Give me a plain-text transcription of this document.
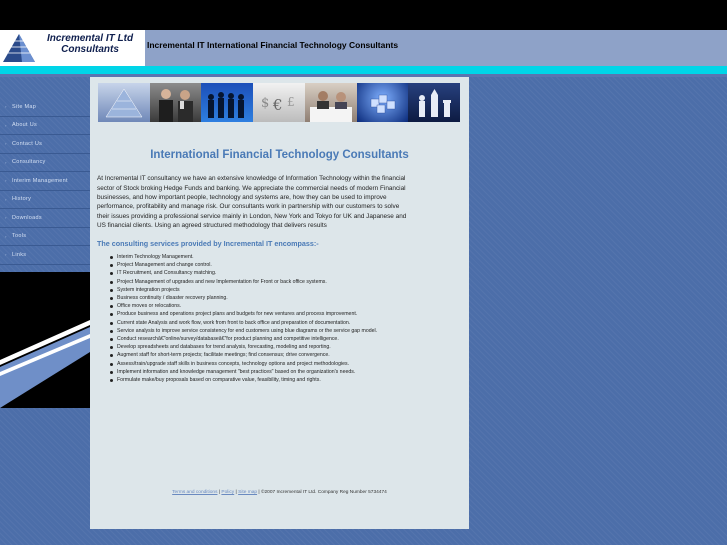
Incremental IT Ltd
Consultants	Incremental IT International Financial Technology Consultants
› Site Map
› About Us
› Contact Us
› Consultancy
› Interim Management
› History
› Downloads
› Tools
› Links
$ € £
International Financial Technology Consultants

At Incremental IT consultancy we have an extensive knowledge of Information Technology within the financial sector of Stock broking Hedge Funds and banking. We appreciate the commercial needs of modern Financial businesses, and how important people, technology and systems are, how they can be used to improve performance, profitability and manage risk. Our consultants work in partnership with our customers to solve their issues providing a professional service mainly in London, New York and Tokyo for UK and Japanese and US financial clients. Using an agreed structured methodology that delivers results

The consulting services provided by Incremental IT encompass:-
Interim Technology Management.
Project Management and change control.
IT Recruitment, and Consultancy matching.
Project Management of upgrades and new Implementation for Front or back office systems.
System integration projects
Business continuity / disaster recovery planning.
Office moves or relocations.
Produce business and operations project plans and budgets for new ventures and process improvement.
Current state Analysis and work flow, work from front to back office and preparation of documentation.
Service analysis to improve service consistency for end customers using blue diagrams or the service gap model.
Conduct researchâ€”online/survey/databaseâ€”for product planning and competitive intelligence.
Develop spreadsheets and databases for trend analysis, forecasting, modeling and reporting.
Augment staff for short-term projects; facilitate meetings; find consensus; drive convergence.
Assess/train/upgrade staff skills in business concepts, technology options and project methodologies.
Implement information and knowledge management "best practices" based on the organization's needs.
Formulate make/buy proposals based on comparative value, feasibility, timing and rights.
Terms and conditions | Policy | Site map | ©2007 Incremental IT Ltd. Company Reg Number 5734474
